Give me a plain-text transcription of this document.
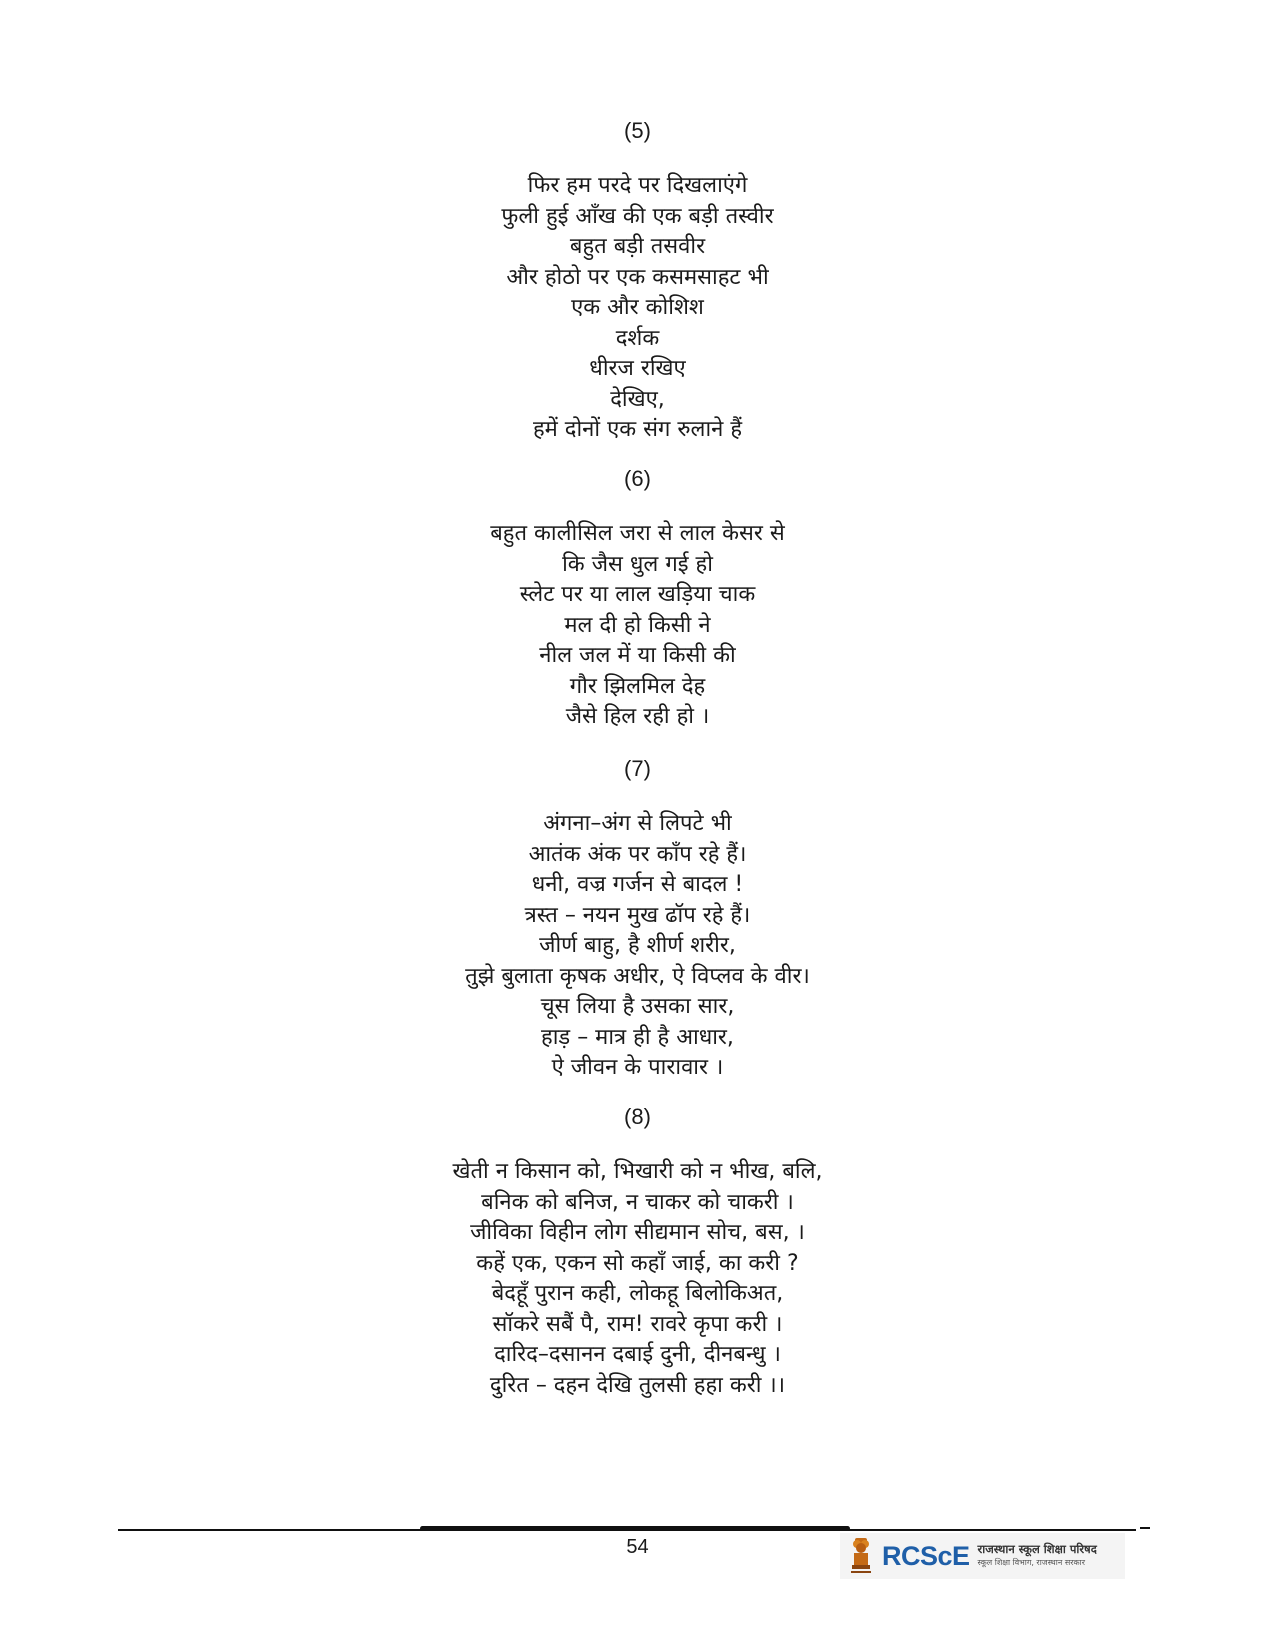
(5)
फिर हम परदे पर दिखलाएंगे
फुली हुई आँख की एक बड़ी तस्वीर
बहुत बड़ी तसवीर
और होठो पर एक कसमसाहट भी
एक और कोशिश
दर्शक
धीरज रखिए
देखिए,
हमें दोनों एक संग रुलाने हैं
(6)
बहुत कालीसिल जरा से लाल केसर से
कि जैस धुल गई हो
स्लेट पर या लाल खड़िया चाक
मल दी हो किसी ने
नील जल में या किसी की
गौर झिलमिल देह
जैसे हिल रही हो ।
(7)
अंगना–अंग से लिपटे भी
आतंक अंक पर काँप रहे हैं।
धनी, वज्र गर्जन से बादल !
त्रस्त – नयन मुख ढॉप रहे हैं।
जीर्ण बाहु, है शीर्ण शरीर,
तुझे बुलाता कृषक अधीर, ऐ विप्लव के वीर।
चूस लिया है उसका सार,
हाड़ – मात्र ही है आधार,
ऐ जीवन के पारावार ।
(8)
खेती न किसान को, भिखारी को न भीख, बलि,
बनिक को बनिज, न चाकर को चाकरी ।
जीविका विहीन लोग सीद्यमान सोच, बस, ।
कहें एक, एकन सो कहाँ जाई, का करी ?
बेदहूँ पुरान कही, लोकहू बिलोकिअत,
सॉकरे सबैं पै, राम! रावरे कृपा करी ।
दारिद–दसानन दबाई दुनी, दीनबन्धु ।
दुरित – दहन देखि तुलसी हहा करी ।।
54	RCScE राजस्थान स्कूल शिक्षा परिषद
स्कूल शिक्षा विभाग, राजस्थान सरकार
